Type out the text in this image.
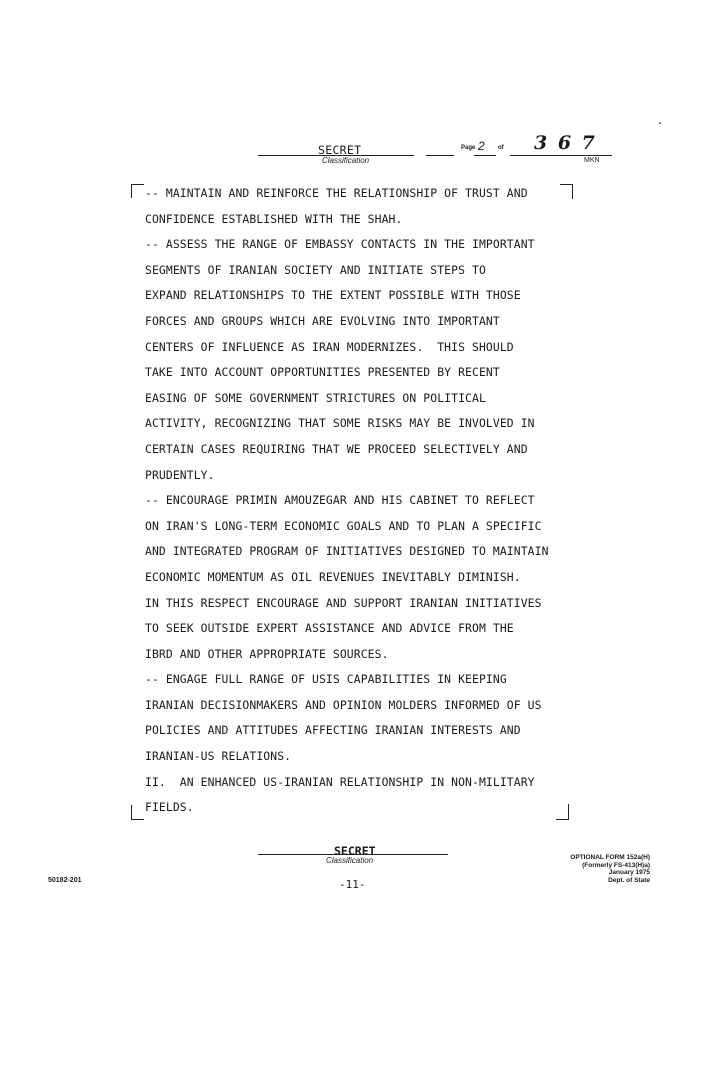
SECRET
Classification
Page 2 of 3 6 7
MKN
-- MAINTAIN AND REINFORCE THE RELATIONSHIP OF TRUST AND
CONFIDENCE ESTABLISHED WITH THE SHAH.
-- ASSESS THE RANGE OF EMBASSY CONTACTS IN THE IMPORTANT
SEGMENTS OF IRANIAN SOCIETY AND INITIATE STEPS TO
EXPAND RELATIONSHIPS TO THE EXTENT POSSIBLE WITH THOSE
FORCES AND GROUPS WHICH ARE EVOLVING INTO IMPORTANT
CENTERS OF INFLUENCE AS IRAN MODERNIZES.  THIS SHOULD
TAKE INTO ACCOUNT OPPORTUNITIES PRESENTED BY RECENT
EASING OF SOME GOVERNMENT STRICTURES ON POLITICAL
ACTIVITY, RECOGNIZING THAT SOME RISKS MAY BE INVOLVED IN
CERTAIN CASES REQUIRING THAT WE PROCEED SELECTIVELY AND
PRUDENTLY.
-- ENCOURAGE PRIMIN AMOUZEGAR AND HIS CABINET TO REFLECT
ON IRAN'S LONG-TERM ECONOMIC GOALS AND TO PLAN A SPECIFIC
AND INTEGRATED PROGRAM OF INITIATIVES DESIGNED TO MAINTAIN
ECONOMIC MOMENTUM AS OIL REVENUES INEVITABLY DIMINISH.
IN THIS RESPECT ENCOURAGE AND SUPPORT IRANIAN INITIATIVES
TO SEEK OUTSIDE EXPERT ASSISTANCE AND ADVICE FROM THE
IBRD AND OTHER APPROPRIATE SOURCES.
-- ENGAGE FULL RANGE OF USIS CAPABILITIES IN KEEPING
IRANIAN DECISIONMAKERS AND OPINION MOLDERS INFORMED OF US
POLICIES AND ATTITUDES AFFECTING IRANIAN INTERESTS AND
IRANIAN-US RELATIONS.
II.  AN ENHANCED US-IRANIAN RELATIONSHIP IN NON-MILITARY
FIELDS.
SECRET
Classification
-11-
50182-201
OPTIONAL FORM 152a(H)
(Formerly FS-413(H)a)
January 1975
Dept. of State
